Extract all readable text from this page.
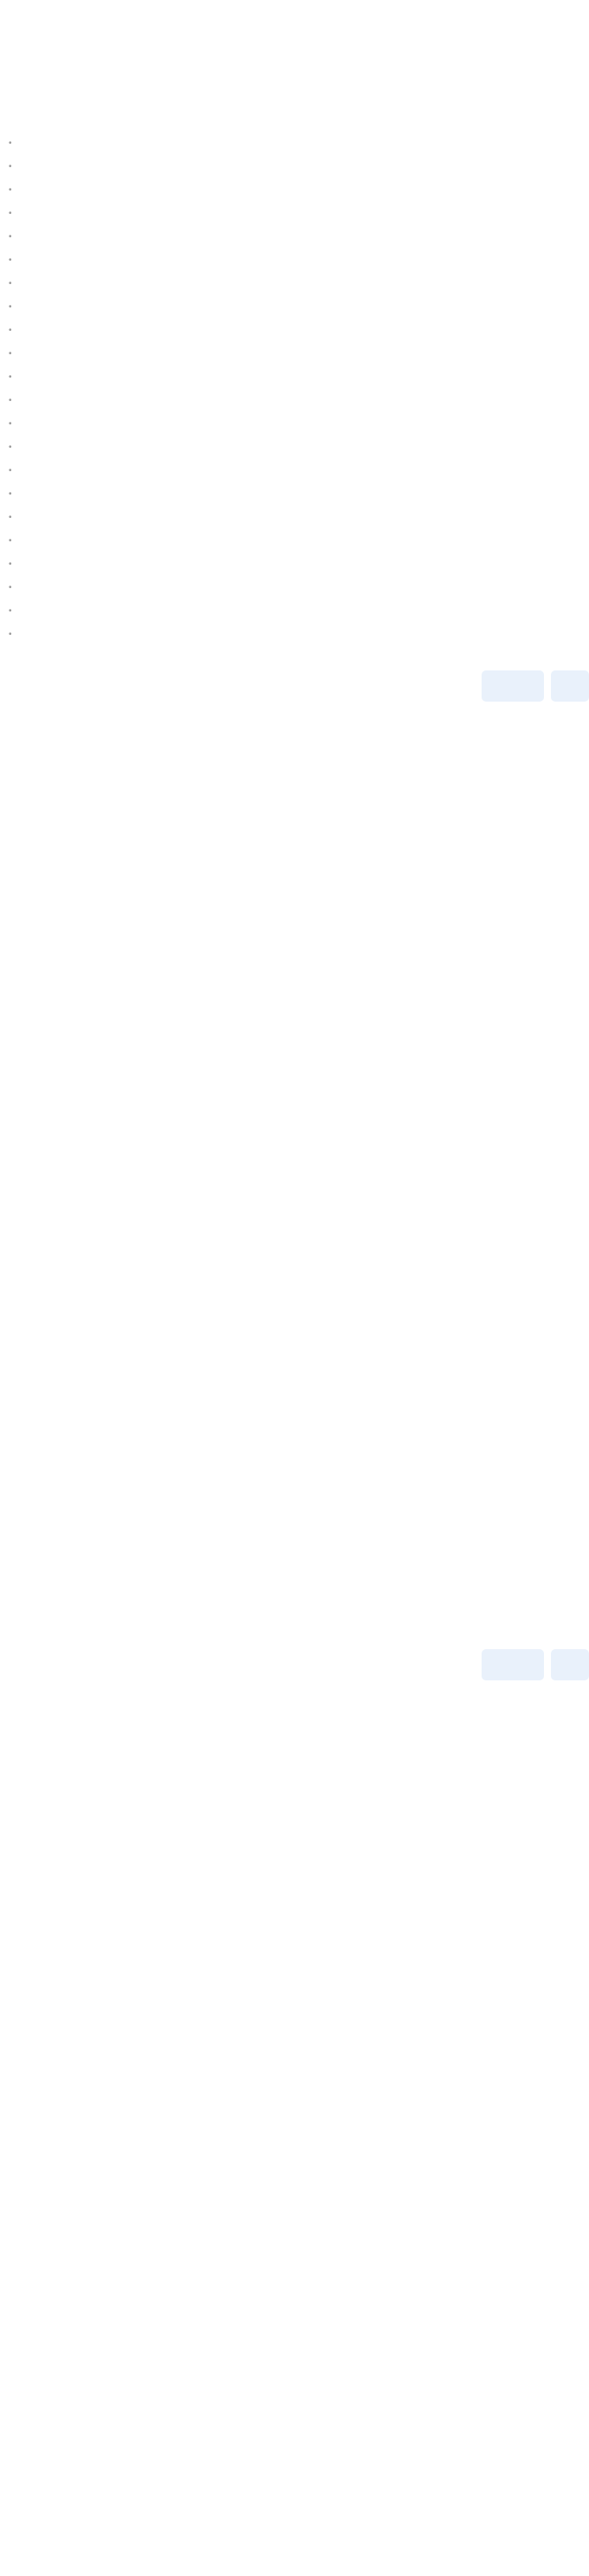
•
•
•
•
•
•
•
•
•
•
•
•
•
•
•
•
•
•
•
•
•
•
